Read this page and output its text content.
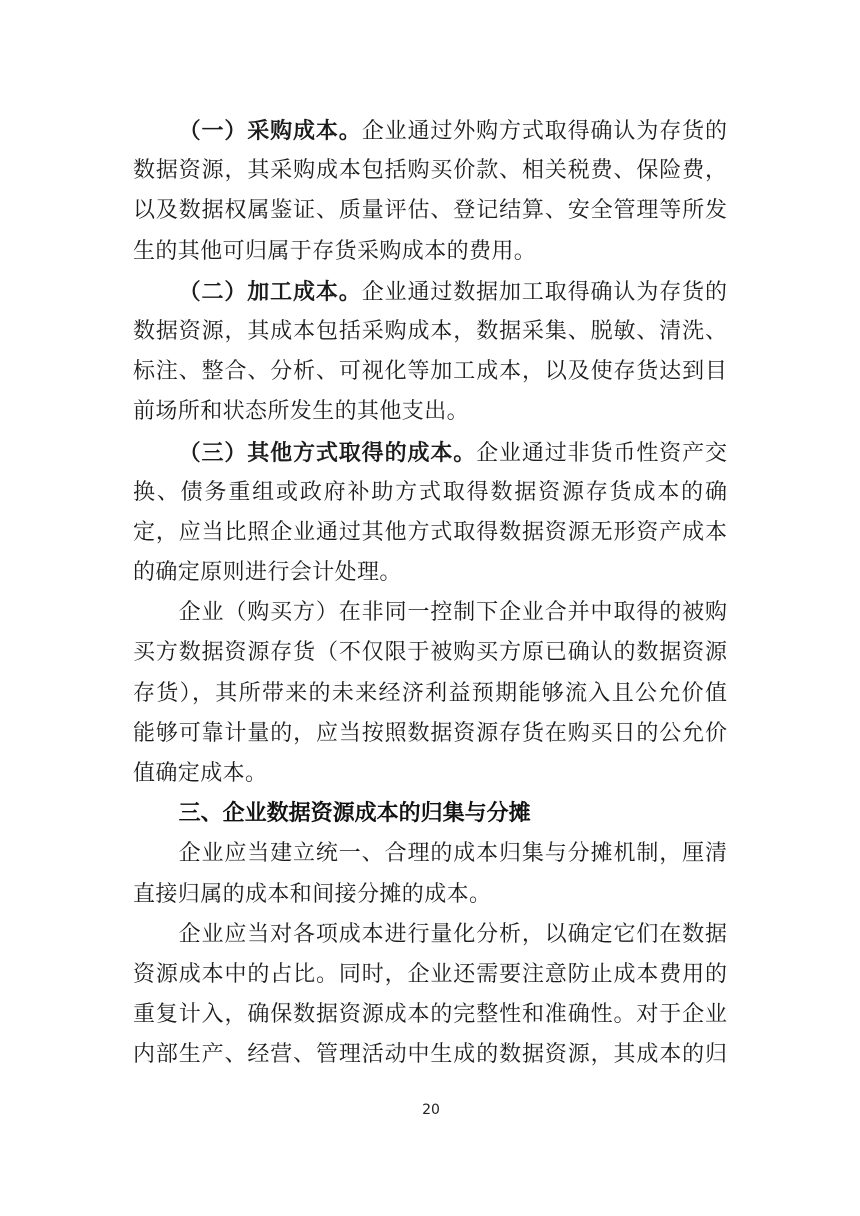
（一）采购成本。企业通过外购方式取得确认为存货的
数据资源，其采购成本包括购买价款、相关税费、保险费，
以及数据权属鉴证、质量评估、登记结算、安全管理等所发
生的其他可归属于存货采购成本的费用。
（二）加工成本。企业通过数据加工取得确认为存货的
数据资源，其成本包括采购成本，数据采集、脱敏、清洗、
标注、整合、分析、可视化等加工成本，以及使存货达到目
前场所和状态所发生的其他支出。
（三）其他方式取得的成本。企业通过非货币性资产交
换、债务重组或政府补助方式取得数据资源存货成本的确
定，应当比照企业通过其他方式取得数据资源无形资产成本
的确定原则进行会计处理。
企业（购买方）在非同一控制下企业合并中取得的被购
买方数据资源存货（不仅限于被购买方原已确认的数据资源
存货），其所带来的未来经济利益预期能够流入且公允价值
能够可靠计量的，应当按照数据资源存货在购买日的公允价
值确定成本。
三、企业数据资源成本的归集与分摊
企业应当建立统一、合理的成本归集与分摊机制，厘清
直接归属的成本和间接分摊的成本。
企业应当对各项成本进行量化分析，以确定它们在数据
资源成本中的占比。同时，企业还需要注意防止成本费用的
重复计入，确保数据资源成本的完整性和准确性。对于企业
内部生产、经营、管理活动中生成的数据资源，其成本的归
20
